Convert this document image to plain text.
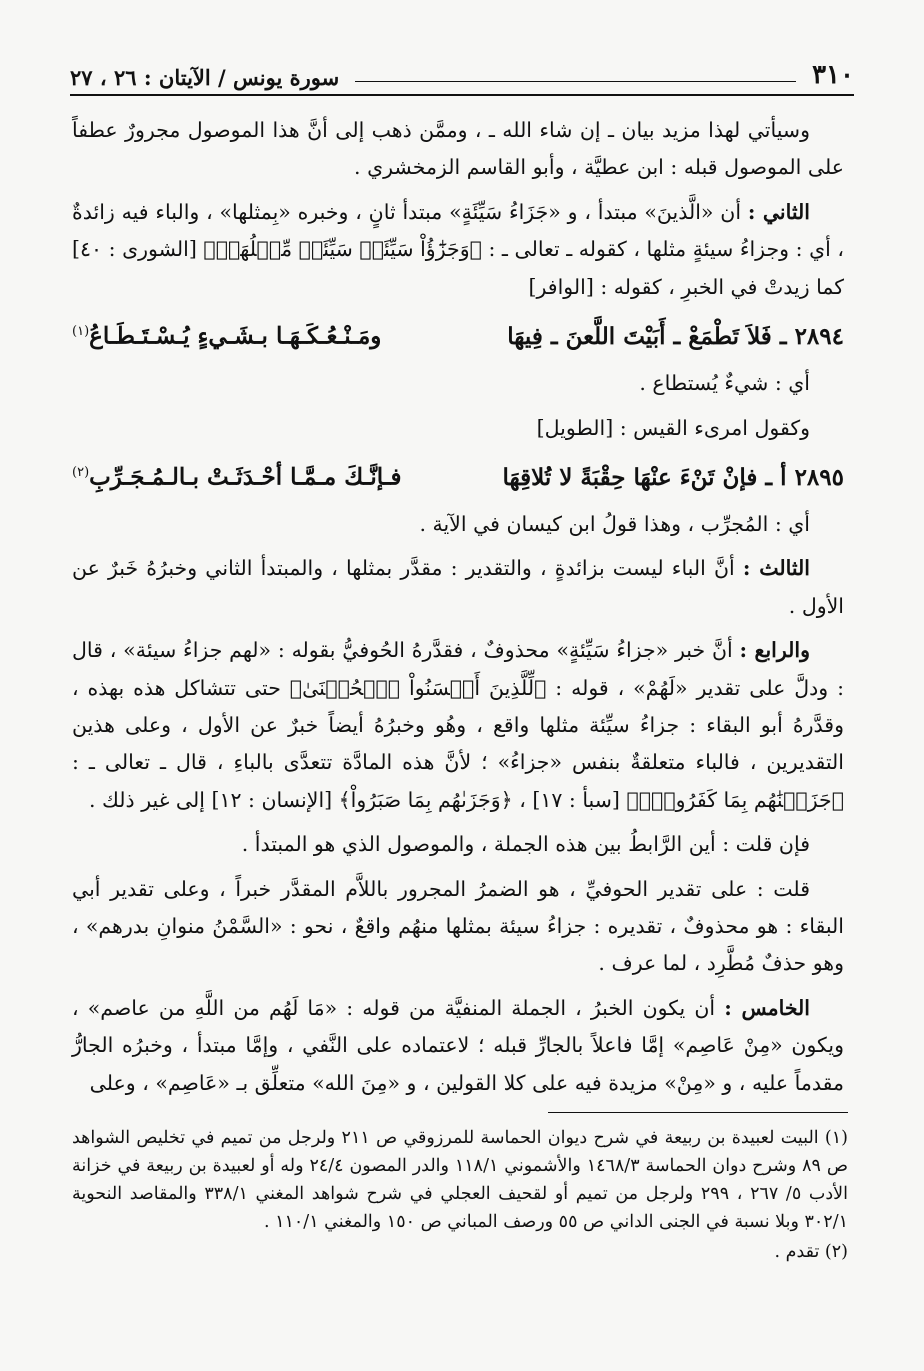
٣١٠
سورة يونس / الآيتان : ٢٦ ، ٢٧

وسيأتي لهذا مزيد بيان ـ إن شاء الله ـ ، وممَّن ذهب إلى أنَّ هذا الموصول مجرورٌ عطفاً على الموصول قبله : ابن عطيَّة ، وأبو القاسم الزمخشري .

الثاني : أن «الَّذينَ» مبتدأ ، و «جَزَاءُ سَيِّئَةٍ» مبتدأ ثانٍ ، وخبره «بِمثلها» ، والباء فيه زائدةٌ ، أي : وجزاءُ سيئةٍ مثلها ، كقوله ـ تعالى ـ : ﴿وَجَزَٰٓؤُاْ سَيِّئَةٖ سَيِّئَةٞ مِّثۡلُهَاۖ﴾ [الشورى : ٤٠] كما زيدتْ في الخبرِ ، كقوله : [الوافر]

٢٨٩٤ ـ فَلاَ تَطْمَعْ ـ أَبَيْتَ اللَّعنَ ـ فِيهَا
ومَـنْـعُـكَـهَـا بـشَـيءٍ يُـسْـتَـطَـاعُ$^{(١)}$

أي : شيءٌ يُستطاع .

وكقول امرىء القيس : [الطويل]

٢٨٩٥ أ ـ فإنْ تَنْءَ عنْهَا حِقْبَةً لا تُلاقِهَا
فـإنَّـكَ مـمَّـا أحْـدَثَـتْ بـالـمُـجَـرِّبِ$^{(٢)}$

أي : المُجرِّب ، وهذا قولُ ابن كيسان في الآية .

الثالث : أنَّ الباء ليست بزائدةٍ ، والتقدير : مقدَّر بمثلها ، والمبتدأ الثاني وخبرُهُ خَبرٌ عن الأول .

والرابع : أنَّ خبر «جزاءُ سَيِّئةٍ» محذوفٌ ، فقدَّرهُ الحُوفيُّ بقوله : «لهم جزاءُ سيئة» ، قال : ودلَّ على تقدير «لَهُمْ» ، قوله : ﴿لِّلَّذِينَ أَحۡسَنُواْ ٱلۡحُسۡنَىٰ﴾ حتى تتشاكل هذه بهذه ، وقدَّرهُ أبو البقاء : جزاءُ سيِّئة مثلها واقع ، وهُو وخبرُهُ أيضاً خبرٌ عن الأول ، وعلى هذين التقديرين ، فالباء متعلقةٌ بنفس «جزاءُ» ؛ لأنَّ هذه المادَّة تتعدَّى بالباءِ ، قال ـ تعالى ـ : ﴿جَزَيۡنَٰهُم بِمَا كَفَرُواْۖ﴾ [سبأ : ١٧] ، ﴿وَجَزَىٰهُم بِمَا صَبَرُواْ﴾ [الإنسان : ١٢] إلى غير ذلك .

فإن قلت : أين الرَّابطُ بين هذه الجملة ، والموصول الذي هو المبتدأ .

قلت : على تقدير الحوفيِّ ، هو الضمرُ المجرور باللاَّم المقدَّر خبراً ، وعلى تقدير أبي البقاء : هو محذوفٌ ، تقديره : جزاءُ سيئة بمثلها منهُم واقعٌ ، نحو : «السَّمْنُ منوانِ بدرهم» ، وهو حذفٌ مُطَّرِد ، لما عرف .

الخامس : أن يكون الخبرُ ، الجملة المنفيَّة من قوله : «مَا لَهُم من اللَّهِ من عاصم» ، ويكون «مِنْ عَاصِم» إمَّا فاعلاً بالجارِّ قبله ؛ لاعتماده على النَّفي ، وإمَّا مبتدأ ، وخبرُه الجارُّ مقدماً عليه ، و «مِنْ» مزيدة فيه على كلا القولين ، و «مِنَ الله» متعلِّق بـ «عَاصِم» ، وعلى

(١) البيت لعبيدة بن ربيعة في شرح ديوان الحماسة للمرزوقي ص ٢١١ ولرجل من تميم في تخليص الشواهد ص ٨٩ وشرح دوان الحماسة ١٤٦٨/٣ والأشموني ١١٨/١ والدر المصون ٢٤/٤ وله أو لعبيدة بن ربيعة في خزانة الأدب ٥/ ٢٦٧ ، ٢٩٩ ولرجل من تميم أو لقحيف العجلي في شرح شواهد المغني ٣٣٨/١ والمقاصد النحوية ٣٠٢/١ وبلا نسبة في الجنى الداني ص ٥٥ ورصف المباني ص ١٥٠ والمغني ١١٠/١ .

(٢) تقدم .
